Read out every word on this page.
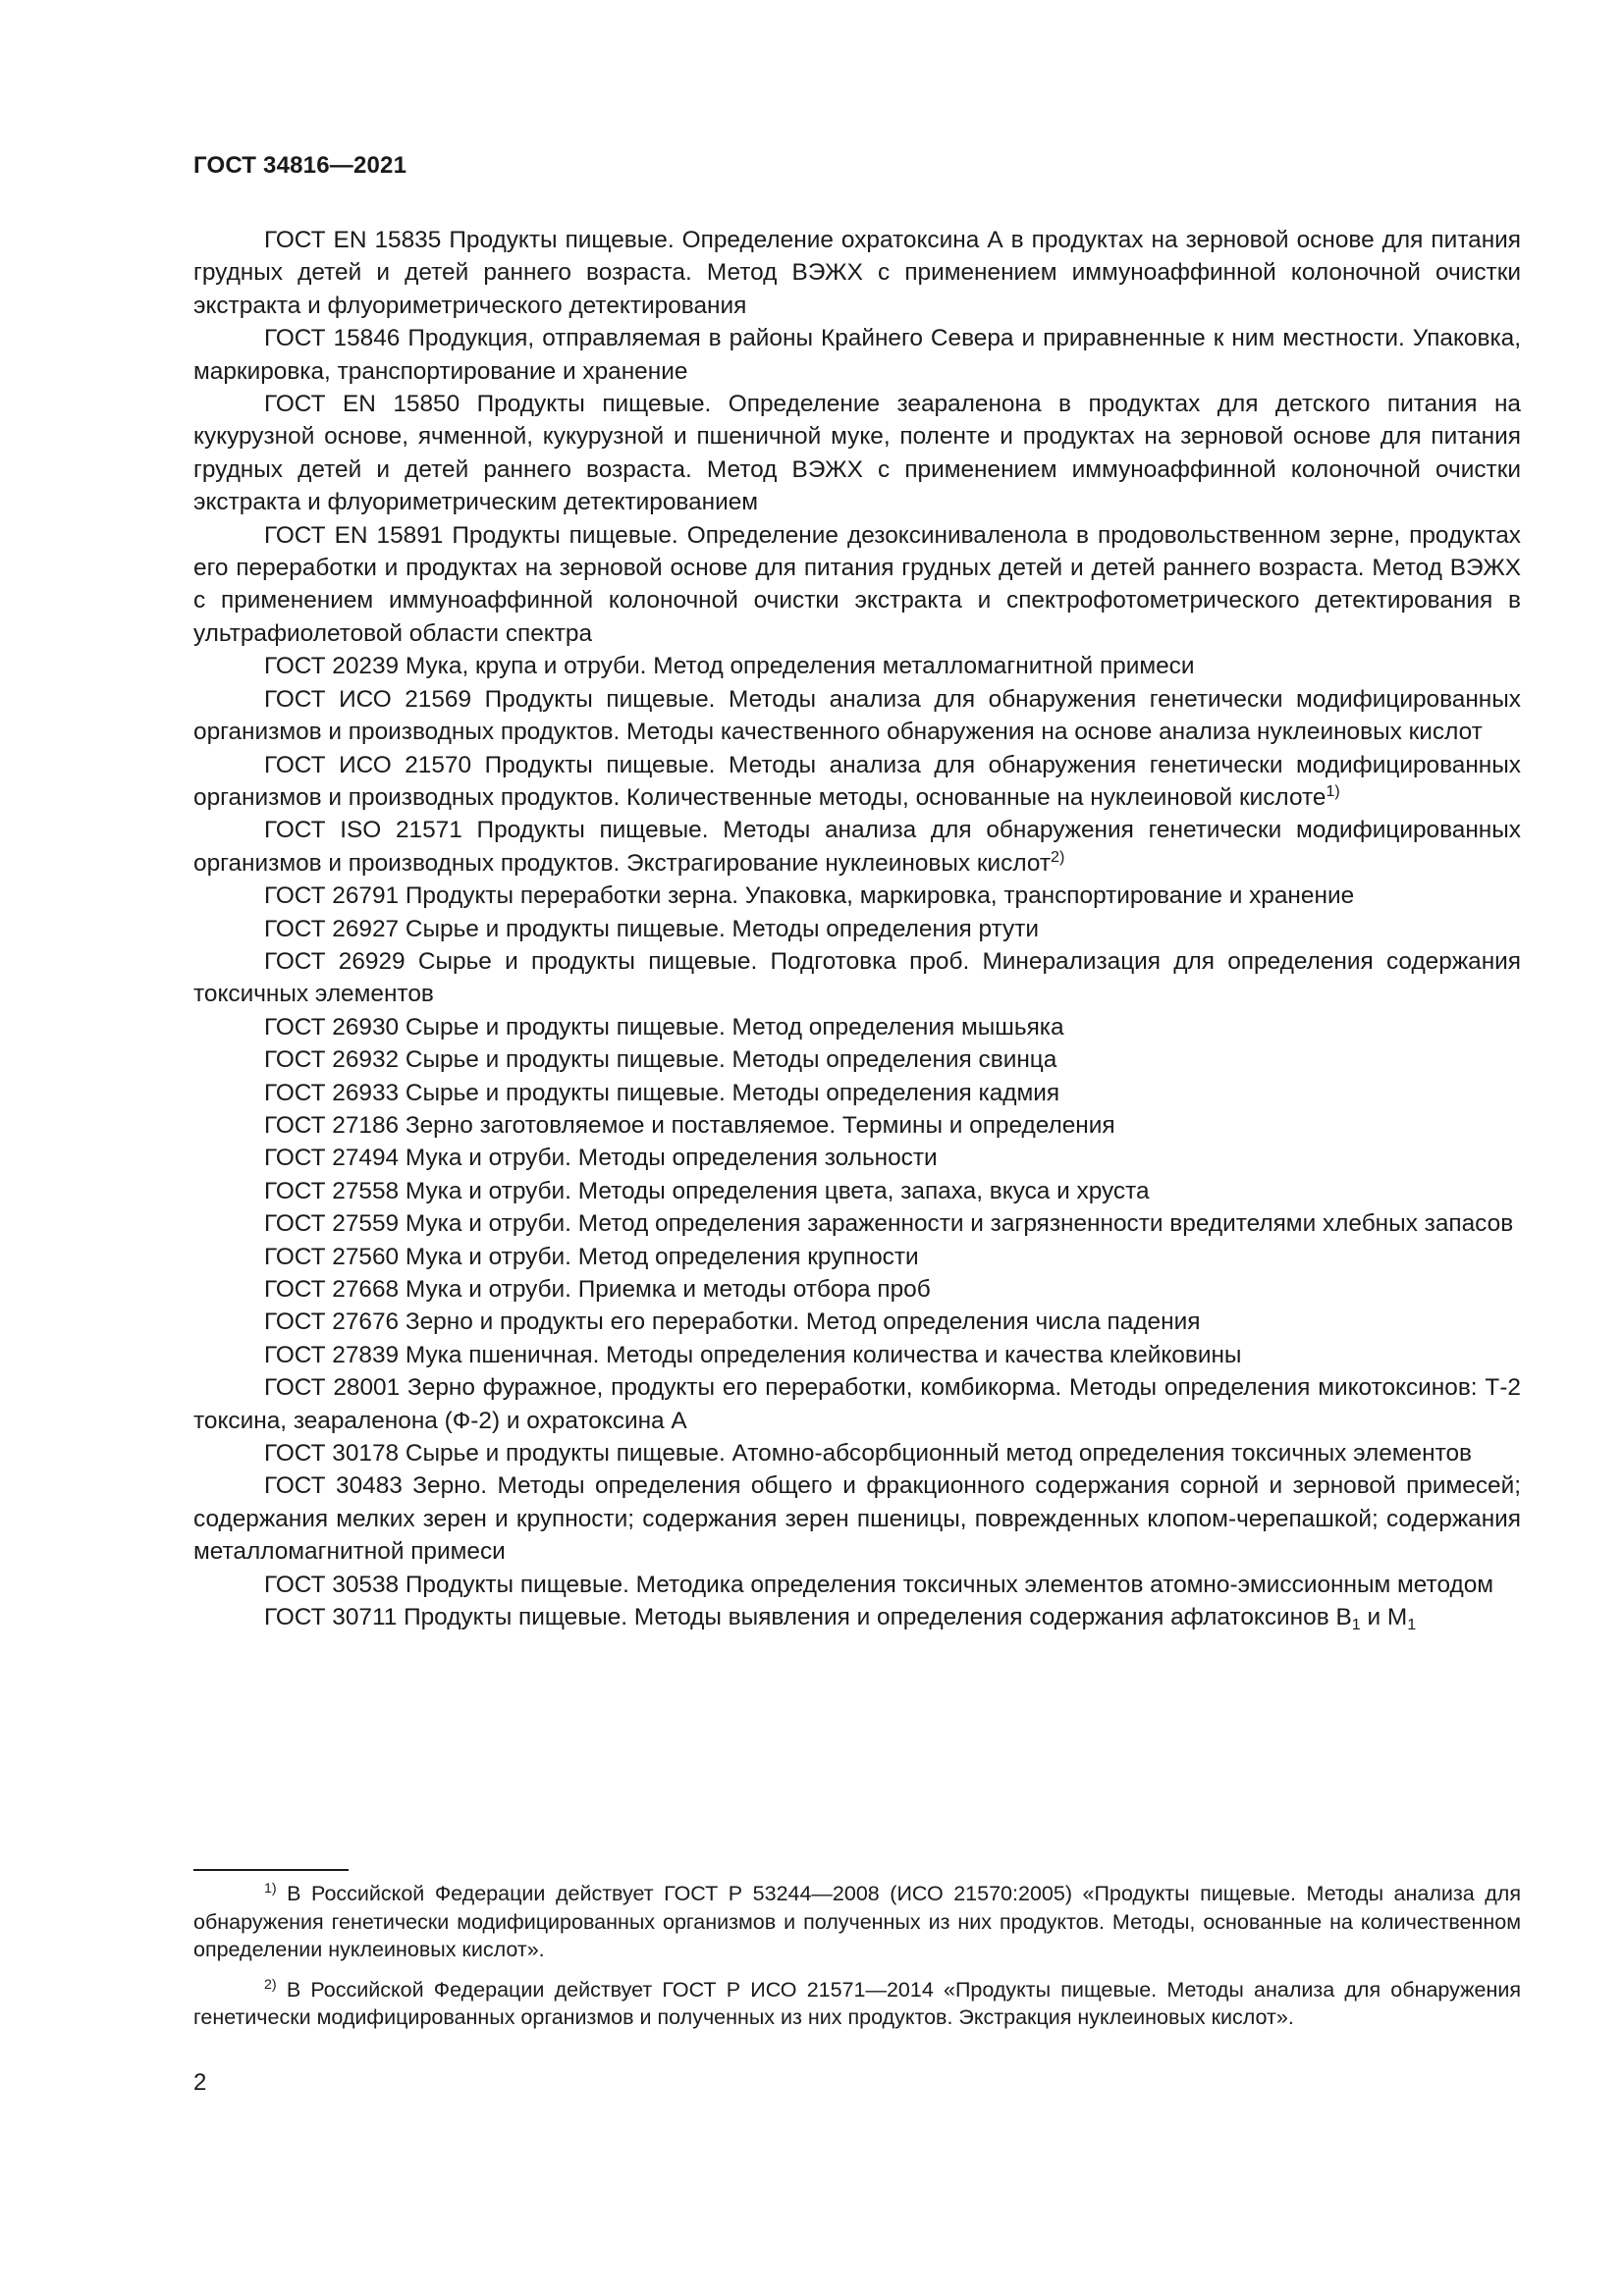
ГОСТ 34816—2021

ГОСТ EN 15835 Продукты пищевые. Определение охратоксина А в продуктах на зерновой основе для питания грудных детей и детей раннего возраста. Метод ВЭЖХ с применением иммуноаффинной колоночной очистки экстракта и флуориметрического детектирования

ГОСТ 15846 Продукция, отправляемая в районы Крайнего Севера и приравненные к ним местности. Упаковка, маркировка, транспортирование и хранение

ГОСТ EN 15850 Продукты пищевые. Определение зеараленона в продуктах для детского питания на кукурузной основе, ячменной, кукурузной и пшеничной муке, поленте и продуктах на зерновой основе для питания грудных детей и детей раннего возраста. Метод ВЭЖХ с применением иммуноаффинной колоночной очистки экстракта и флуориметрическим детектированием

ГОСТ EN 15891 Продукты пищевые. Определение дезоксиниваленола в продовольственном зерне, продуктах его переработки и продуктах на зерновой основе для питания грудных детей и детей раннего возраста. Метод ВЭЖХ с применением иммуноаффинной колоночной очистки экстракта и спектрофотометрического детектирования в ультрафиолетовой области спектра

ГОСТ 20239 Мука, крупа и отруби. Метод определения металломагнитной примеси

ГОСТ ИСО 21569 Продукты пищевые. Методы анализа для обнаружения генетически модифицированных организмов и производных продуктов. Методы качественного обнаружения на основе анализа нуклеиновых кислот

ГОСТ ИСО 21570 Продукты пищевые. Методы анализа для обнаружения генетически модифицированных организмов и производных продуктов. Количественные методы, основанные на нуклеиновой кислоте$^{1)}$

ГОСТ ISO 21571 Продукты пищевые. Методы анализа для обнаружения генетически модифицированных организмов и производных продуктов. Экстрагирование нуклеиновых кислот$^{2)}$

ГОСТ 26791 Продукты переработки зерна. Упаковка, маркировка, транспортирование и хранение

ГОСТ 26927 Сырье и продукты пищевые. Методы определения ртути

ГОСТ 26929 Сырье и продукты пищевые. Подготовка проб. Минерализация для определения содержания токсичных элементов

ГОСТ 26930 Сырье и продукты пищевые. Метод определения мышьяка

ГОСТ 26932 Сырье и продукты пищевые. Методы определения свинца

ГОСТ 26933 Сырье и продукты пищевые. Методы определения кадмия

ГОСТ 27186 Зерно заготовляемое и поставляемое. Термины и определения

ГОСТ 27494 Мука и отруби. Методы определения зольности

ГОСТ 27558 Мука и отруби. Методы определения цвета, запаха, вкуса и хруста

ГОСТ 27559 Мука и отруби. Метод определения зараженности и загрязненности вредителями хлебных запасов

ГОСТ 27560 Мука и отруби. Метод определения крупности

ГОСТ 27668 Мука и отруби. Приемка и методы отбора проб

ГОСТ 27676 Зерно и продукты его переработки. Метод определения числа падения

ГОСТ 27839 Мука пшеничная. Методы определения количества и качества клейковины

ГОСТ 28001 Зерно фуражное, продукты его переработки, комбикорма. Методы определения микотоксинов: Т-2 токсина, зеараленона (Ф-2) и охратоксина А

ГОСТ 30178 Сырье и продукты пищевые. Атомно-абсорбционный метод определения токсичных элементов

ГОСТ 30483 Зерно. Методы определения общего и фракционного содержания сорной и зерновой примесей; содержания мелких зерен и крупности; содержания зерен пшеницы, поврежденных клопом-черепашкой; содержания металломагнитной примеси

ГОСТ 30538 Продукты пищевые. Методика определения токсичных элементов атомно-эмиссионным методом

ГОСТ 30711 Продукты пищевые. Методы выявления и определения содержания афлатоксинов $В_1$ и $М_1$

$^{1)}$ В Российской Федерации действует ГОСТ Р 53244—2008 (ИСО 21570:2005) «Продукты пищевые. Методы анализа для обнаружения генетически модифицированных организмов и полученных из них продуктов. Методы, основанные на количественном определении нуклеиновых кислот».

$^{2)}$ В Российской Федерации действует ГОСТ Р ИСО 21571—2014 «Продукты пищевые. Методы анализа для обнаружения генетически модифицированных организмов и полученных из них продуктов. Экстракция нуклеиновых кислот».

2
